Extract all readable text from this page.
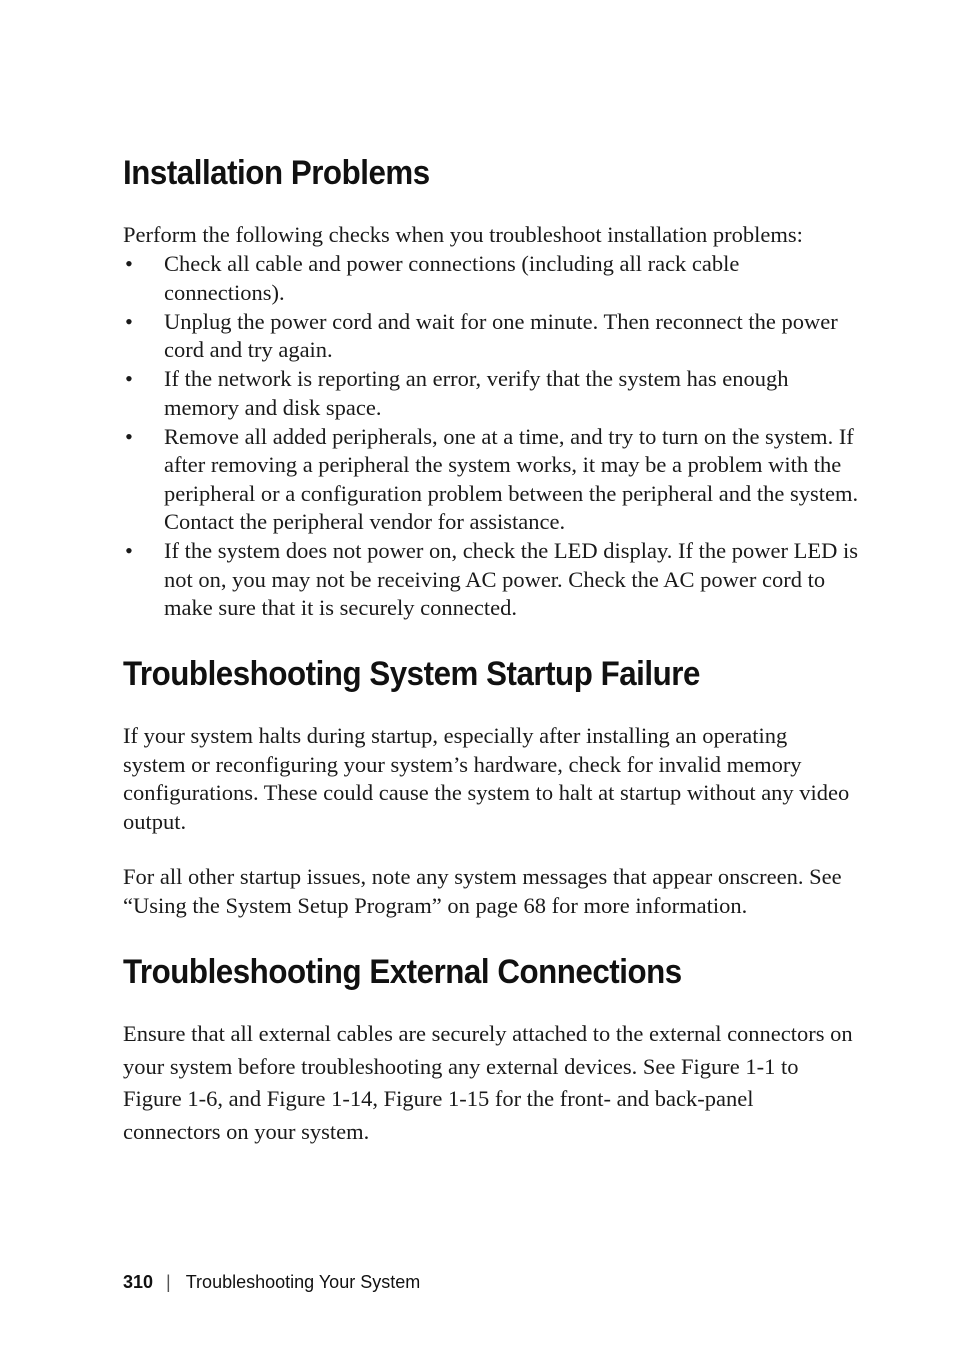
Installation Problems

Perform the following checks when you troubleshoot installation problems:

• Check all cable and power connections (including all rack cable connections).
• Unplug the power cord and wait for one minute. Then reconnect the power cord and try again.
• If the network is reporting an error, verify that the system has enough memory and disk space.
• Remove all added peripherals, one at a time, and try to turn on the system. If after removing a peripheral the system works, it may be a problem with the peripheral or a configuration problem between the peripheral and the system. Contact the peripheral vendor for assistance.
• If the system does not power on, check the LED display. If the power LED is not on, you may not be receiving AC power. Check the AC power cord to make sure that it is securely connected.
Troubleshooting System Startup Failure

If your system halts during startup, especially after installing an operating system or reconfiguring your system’s hardware, check for invalid memory configurations. These could cause the system to halt at startup without any video output.

For all other startup issues, note any system messages that appear onscreen. See “Using the System Setup Program” on page 68 for more information.

Troubleshooting External Connections

Ensure that all external cables are securely attached to the external connectors on your system before troubleshooting any external devices. See Figure 1-1 to Figure 1-6, and Figure 1-14, Figure 1-15 for the front- and back-panel connectors on your system.

310 | Troubleshooting Your System
